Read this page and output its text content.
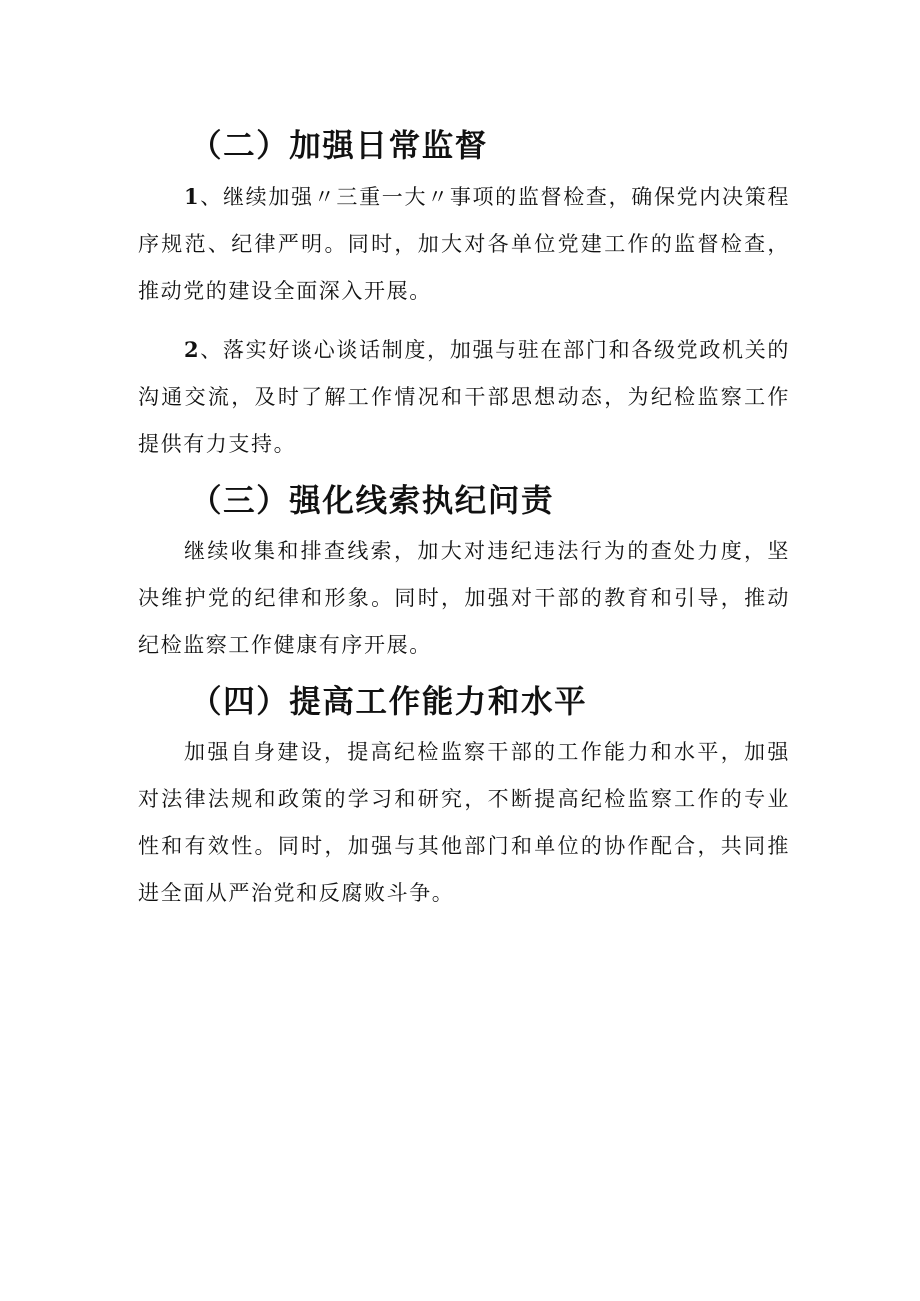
（二）加强日常监督

1、继续加强〃三重一大〃事项的监督检查，确保党内决策程序规范、纪律严明。同时，加大对各单位党建工作的监督检查，推动党的建设全面深入开展。

2、落实好谈心谈话制度，加强与驻在部门和各级党政机关的沟通交流，及时了解工作情况和干部思想动态，为纪检监察工作提供有力支持。

（三）强化线索执纪问责

继续收集和排查线索，加大对违纪违法行为的查处力度，坚决维护党的纪律和形象。同时，加强对干部的教育和引导，推动纪检监察工作健康有序开展。

（四）提高工作能力和水平

加强自身建设，提高纪检监察干部的工作能力和水平，加强对法律法规和政策的学习和研究，不断提高纪检监察工作的专业性和有效性。同时，加强与其他部门和单位的协作配合，共同推进全面从严治党和反腐败斗争。
